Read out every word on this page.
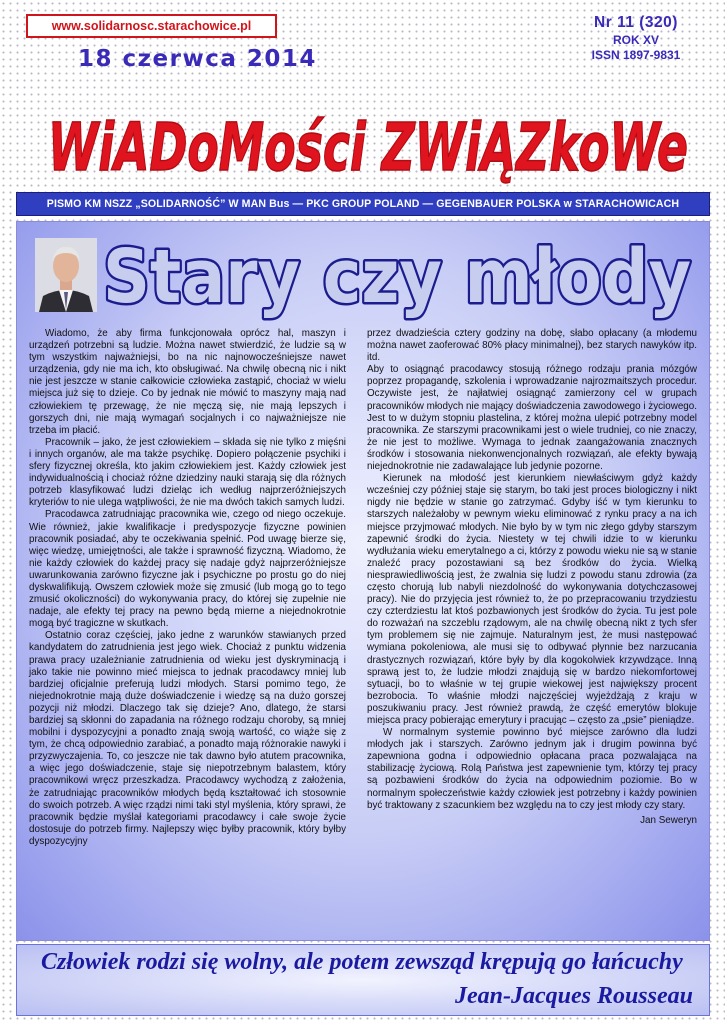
www.solidarnosc.starachowice.pl
18 czerwca 2014
Nr 11 (320)
ROK XV
ISSN 1897-9831
WiADoMości ZWiĄZkoWe
PISMO KM NSZZ „SOLIDARNOŚĆ” W MAN Bus — PKC GROUP POLAND — GEGENBAUER POLSKA w STARACHOWICACH
Stary czy młody

Wiadomo, że aby firma funkcjonowała oprócz hal, maszyn i urządzeń potrzebni są ludzie. Można nawet stwierdzić, że ludzie są w tym wszystkim najważniejsi, bo na nic najnowocześniejsze nawet urządzenia, gdy nie ma ich, kto obsługiwać. Na chwilę obecną nic i nikt nie jest jeszcze w stanie całkowicie człowieka zastąpić, chociaż w wielu miejsca już się to dzieje. Co by jednak nie mówić to maszyny mają nad człowiekiem tę przewagę, że nie męczą się, nie mają lepszych i gorszych dni, nie mają wymagań socjalnych i co najważniejsze nie trzeba im płacić.

Pracownik – jako, że jest człowiekiem – składa się nie tylko z mięśni i innych organów, ale ma także psychikę. Dopiero połączenie psychiki i sfery fizycznej określa, kto jakim człowiekiem jest. Każdy człowiek jest indywidualnością i chociaż różne dziedziny nauki starają się dla różnych potrzeb klasyfikować ludzi dzieląc ich według najprzeróżniejszych kryteriów to nie ulega wątpliwości, że nie ma dwóch takich samych ludzi.

Pracodawca zatrudniając pracownika wie, czego od niego oczekuje. Wie również, jakie kwalifikacje i predyspozycje fizyczne powinien pracownik posiadać, aby te oczekiwania spełnić. Pod uwagę bierze się, więc wiedzę, umiejętności, ale także i sprawność fizyczną. Wiadomo, że nie każdy człowiek do każdej pracy się nadaje gdyż najprzeróżniejsze uwarunkowania zarówno fizyczne jak i psychiczne po prostu go do niej dyskwalifikują. Owszem człowiek może się zmusić (lub mogą go to tego zmusić okoliczności) do wykonywania pracy, do której się zupełnie nie nadaje, ale efekty tej pracy na pewno będą mierne a niejednokrotnie mogą być tragiczne w skutkach.

Ostatnio coraz częściej, jako jedne z warunków stawianych przed kandydatem do zatrudnienia jest jego wiek. Chociaż z punktu widzenia prawa pracy uzależnianie zatrudnienia od wieku jest dyskryminacją i jako takie nie powinno mieć miejsca to jednak pracodawcy mniej lub bardziej oficjalnie preferują ludzi młodych. Starsi pomimo tego, że niejednokrotnie mają duże doświadczenie i wiedzę są na dużo gorszej pozycji niż młodzi. Dlaczego tak się dzieje? Ano, dlatego, że starsi bardziej są skłonni do zapadania na różnego rodzaju choroby, są mniej mobilni i dyspozycyjni a ponadto znają swoją wartość, co wiąże się z tym, że chcą odpowiednio zarabiać, a ponadto mają różnorakie nawyki i przyzwyczajenia. To, co jeszcze nie tak dawno było atutem pracownika, a więc jego doświadczenie, staje się niepotrzebnym balastem, który pracownikowi wręcz przeszkadza. Pracodawcy wychodzą z założenia, że zatrudniając pracowników młodych będą kształtować ich stosownie do swoich potrzeb. A więc rządzi nimi taki styl myślenia, który sprawi, że pracownik będzie myślał kategoriami pracodawcy i całe swoje życie dostosuje do potrzeb firmy. Najlepszy więc byłby pracownik, który byłby dyspozycyjny

przez dwadzieścia cztery godziny na dobę, słabo opłacany (a młodemu można nawet zaoferować 80% płacy minimalnej), bez starych nawyków itp. itd.

Aby to osiągnąć pracodawcy stosują różnego rodzaju prania mózgów poprzez propagandę, szkolenia i wprowadzanie najrozmaitszych procedur. Oczywiste jest, że najłatwiej osiągnąć zamierzony cel w grupach pracowników młodych nie mający doświadczenia zawodowego i życiowego. Jest to w dużym stopniu plastelina, z której można ulepić potrzebny model pracownika. Ze starszymi pracownikami jest o wiele trudniej, co nie znaczy, że nie jest to możliwe. Wymaga to jednak zaangażowania znacznych środków i stosowania niekonwencjonalnych rozwiązań, ale efekty bywają niejednokrotnie nie zadawalające lub jedynie pozorne.

Kierunek na młodość jest kierunkiem niewłaściwym gdyż każdy wcześniej czy później staje się starym, bo taki jest proces biologiczny i nikt nigdy nie będzie w stanie go zatrzymać. Gdyby iść w tym kierunku to starszych należałoby w pewnym wieku eliminować z rynku pracy a na ich miejsce przyjmować młodych. Nie było by w tym nic złego gdyby starszym zapewnić środki do życia. Niestety w tej chwili idzie to w kierunku wydłużania wieku emerytalnego a ci, którzy z powodu wieku nie są w stanie znaleźć pracy pozostawiani są bez środków do życia. Wielką niesprawiedliwością jest, że zwalnia się ludzi z powodu stanu zdrowia (za często chorują lub nabyli niezdolność do wykonywania dotychczasowej pracy). Nie do przyjęcia jest również to, że po przepracowaniu trzydziestu czy czterdziestu lat ktoś pozbawionych jest środków do życia. Tu jest pole do rozważań na szczeblu rządowym, ale na chwilę obecną nikt z tych sfer tym problemem się nie zajmuje. Naturalnym jest, że musi następować wymiana pokoleniowa, ale musi się to odbywać płynnie bez narzucania drastycznych rozwiązań, które były by dla kogokolwiek krzywdzące. Inną sprawą jest to, że ludzie młodzi znajdują się w bardzo niekomfortowej sytuacji, bo to właśnie w tej grupie wiekowej jest największy procent bezrobocia. To właśnie młodzi najczęściej wyjeżdżają z kraju w poszukiwaniu pracy. Jest również prawdą, że część emerytów blokuje miejsca pracy pobierając emerytury i pracując – często za „psie” pieniądze.

W normalnym systemie powinno być miejsce zarówno dla ludzi młodych jak i starszych. Zarówno jednym jak i drugim powinna być zapewniona godna i odpowiednio opłacana praca pozwalająca na stabilizację życiową. Rolą Państwa jest zapewnienie tym, którzy tej pracy są pozbawieni środków do życia na odpowiednim poziomie. Bo w normalnym społeczeństwie każdy człowiek jest potrzebny i każdy powinien być traktowany z szacunkiem bez względu na to czy jest młody czy stary.

Jan Seweryn
Człowiek rodzi się wolny, ale potem zewsząd krępują go łańcuchy
Jean-Jacques Rousseau
